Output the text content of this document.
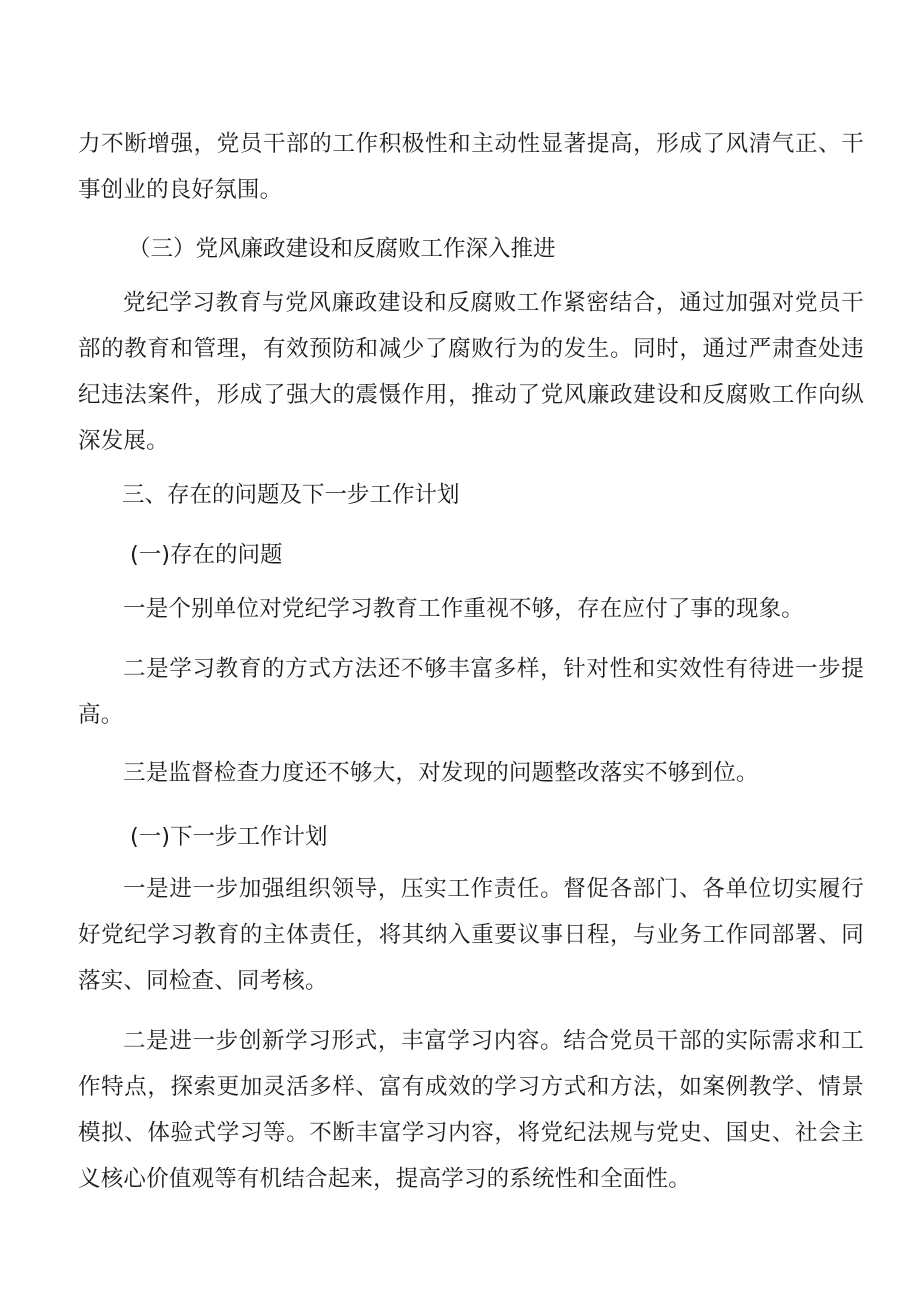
力不断增强，党员干部的工作积极性和主动性显著提高，形成了风清气正、干事创业的良好氛围。

（三）党风廉政建设和反腐败工作深入推进

党纪学习教育与党风廉政建设和反腐败工作紧密结合，通过加强对党员干部的教育和管理，有效预防和减少了腐败行为的发生。同时，通过严肃查处违纪违法案件，形成了强大的震慑作用，推动了党风廉政建设和反腐败工作向纵深发展。

三、存在的问题及下一步工作计划

(一)存在的问题

一是个别单位对党纪学习教育工作重视不够，存在应付了事的现象。

二是学习教育的方式方法还不够丰富多样，针对性和实效性有待进一步提高。

三是监督检查力度还不够大，对发现的问题整改落实不够到位。

(一)下一步工作计划

一是进一步加强组织领导，压实工作责任。督促各部门、各单位切实履行好党纪学习教育的主体责任，将其纳入重要议事日程，与业务工作同部署、同落实、同检查、同考核。

二是进一步创新学习形式，丰富学习内容。结合党员干部的实际需求和工作特点，探索更加灵活多样、富有成效的学习方式和方法，如案例教学、情景模拟、体验式学习等。不断丰富学习内容，将党纪法规与党史、国史、社会主义核心价值观等有机结合起来，提高学习的系统性和全面性。
